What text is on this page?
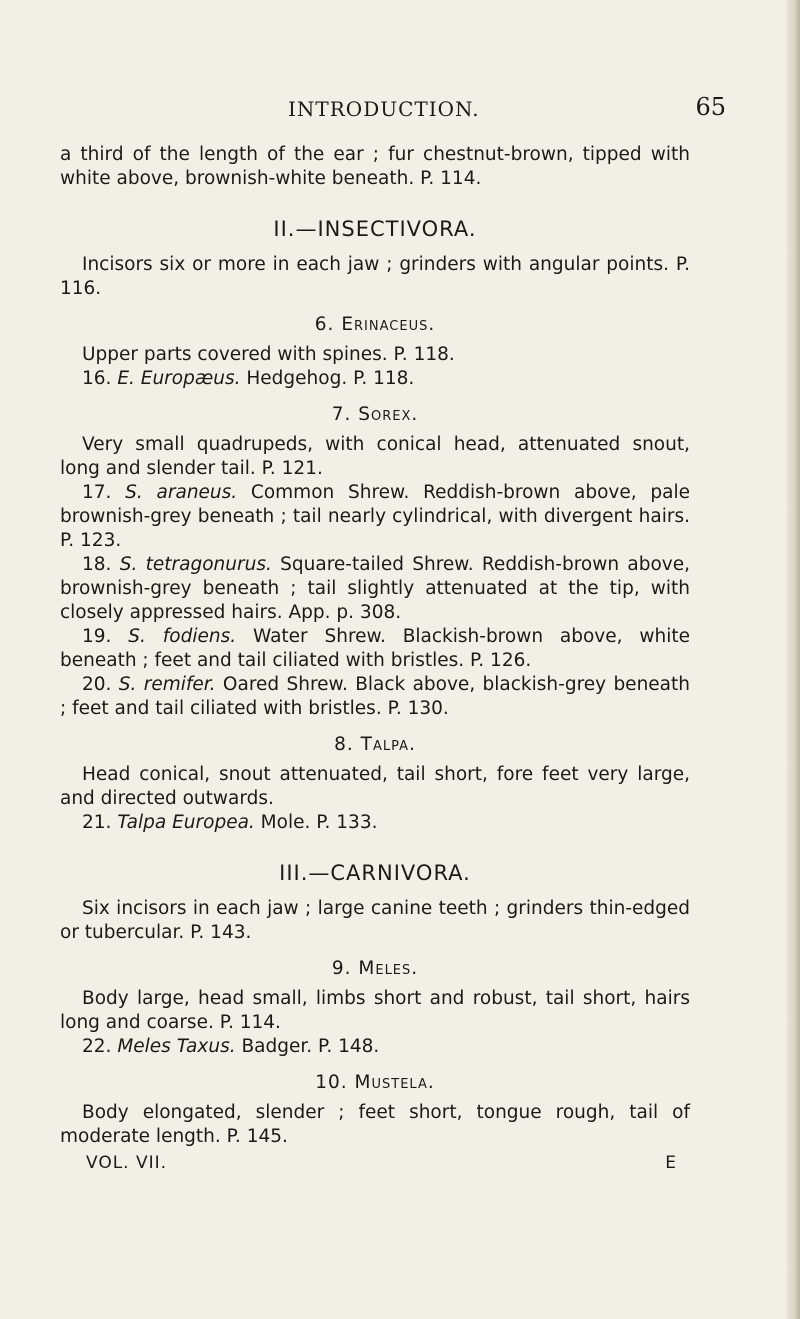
INTRODUCTION.	65

a third of the length of the ear ; fur chestnut-brown, tipped with white above, brownish-white beneath. P. 114.

II.—INSECTIVORA.

Incisors six or more in each jaw ; grinders with angular points. P. 116.

6. Erinaceus.

Upper parts covered with spines. P. 118.

16. E. Europæus. Hedgehog. P. 118.

7. Sorex.

Very small quadrupeds, with conical head, attenuated snout, long and slender tail. P. 121.

17. S. araneus. Common Shrew. Reddish-brown above, pale brownish-grey beneath ; tail nearly cylindrical, with divergent hairs. P. 123.

18. S. tetragonurus. Square-tailed Shrew. Reddish-brown above, brownish-grey beneath ; tail slightly attenuated at the tip, with closely appressed hairs. App. p. 308.

19. S. fodiens. Water Shrew. Blackish-brown above, white beneath ; feet and tail ciliated with bristles. P. 126.

20. S. remifer. Oared Shrew. Black above, blackish-grey beneath ; feet and tail ciliated with bristles. P. 130.

8. Talpa.

Head conical, snout attenuated, tail short, fore feet very large, and directed outwards.

21. Talpa Europea. Mole. P. 133.

III.—CARNIVORA.

Six incisors in each jaw ; large canine teeth ; grinders thin-edged or tubercular. P. 143.

9. Meles.

Body large, head small, limbs short and robust, tail short, hairs long and coarse. P. 114.

22. Meles Taxus. Badger. P. 148.

10. Mustela.

Body elongated, slender ; feet short, tongue rough, tail of moderate length. P. 145.

VOL. VII.	E
